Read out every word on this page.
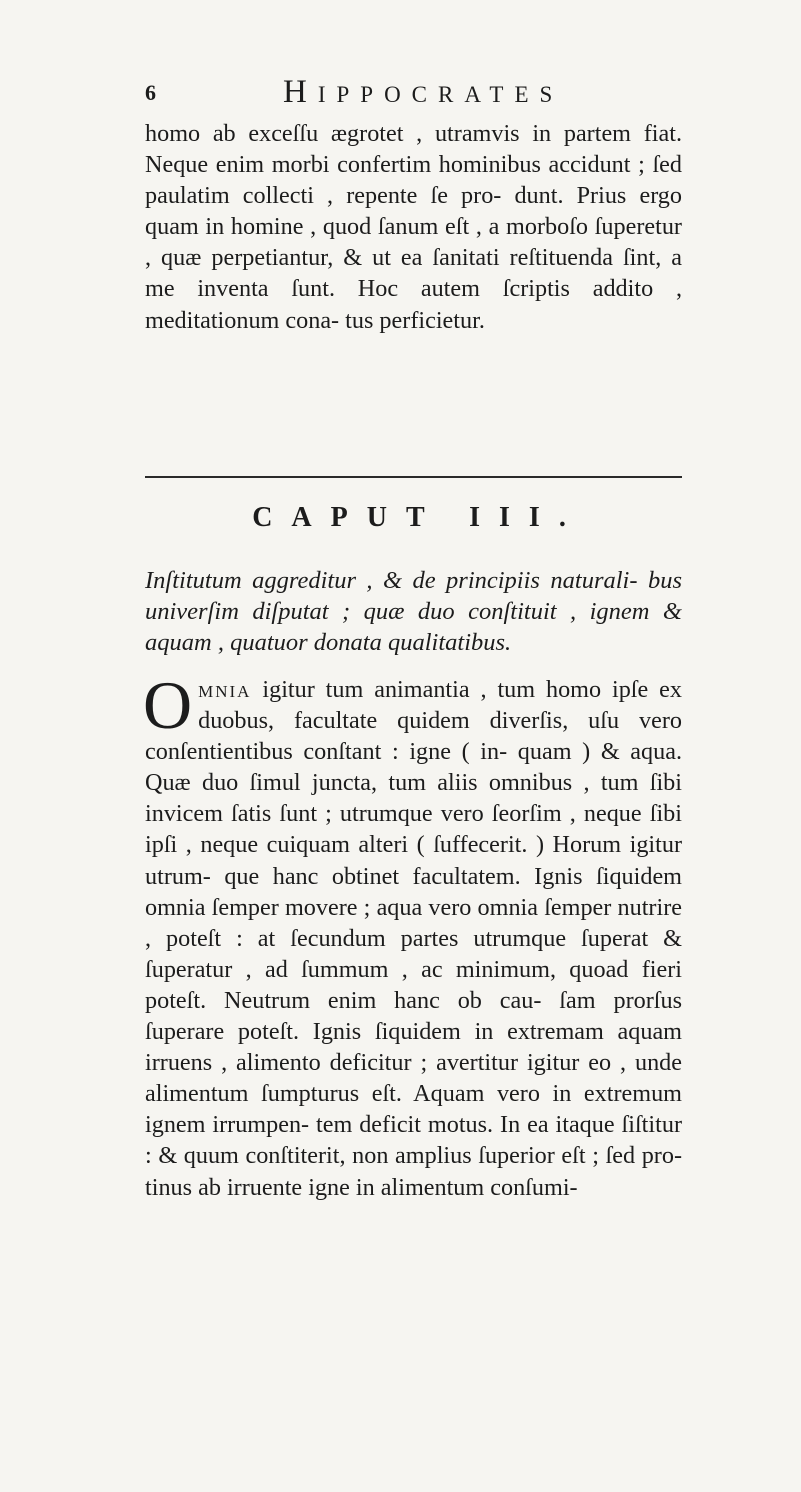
6	Hippocrates

homo ab exceſſu ægrotet , utramvis in partem fiat. Neque enim morbi confertim hominibus accidunt ; ſed paulatim collecti , repente ſe pro- dunt. Prius ergo quam in homine , quod ſanum eſt , a morboſo ſuperetur , quæ perpetiantur, & ut ea ſanitati reſtituenda ſint, a me inventa ſunt. Hoc autem ſcriptis addito , meditationum cona- tus perficietur.

CAPUT III.

Inſtitutum aggreditur , & de principiis naturali- bus univerſim diſputat ; quæ duo conſtituit , ignem & aquam , quatuor donata qualitatibus.

Omnia igitur tum animantia , tum homo ipſe ex duobus, facultate quidem diverſis, uſu vero conſentientibus conſtant : igne ( in- quam ) & aqua. Quæ duo ſimul juncta, tum aliis omnibus , tum ſibi invicem ſatis ſunt ; utrumque vero ſeorſim , neque ſibi ipſi , neque cuiquam alteri ( ſuffecerit. ) Horum igitur utrum- que hanc obtinet facultatem. Ignis ſiquidem omnia ſemper movere ; aqua vero omnia ſemper nutrire , poteſt : at ſecundum partes utrumque ſuperat & ſuperatur , ad ſummum , ac minimum, quoad fieri poteſt. Neutrum enim hanc ob cau- ſam prorſus ſuperare poteſt. Ignis ſiquidem in extremam aquam irruens , alimento deficitur ; avertitur igitur eo , unde alimentum ſumpturus eſt. Aquam vero in extremum ignem irrumpen- tem deficit motus. In ea itaque ſiſtitur : & quum conſtiterit, non amplius ſuperior eſt ; ſed pro- tinus ab irruente igne in alimentum conſumi-
